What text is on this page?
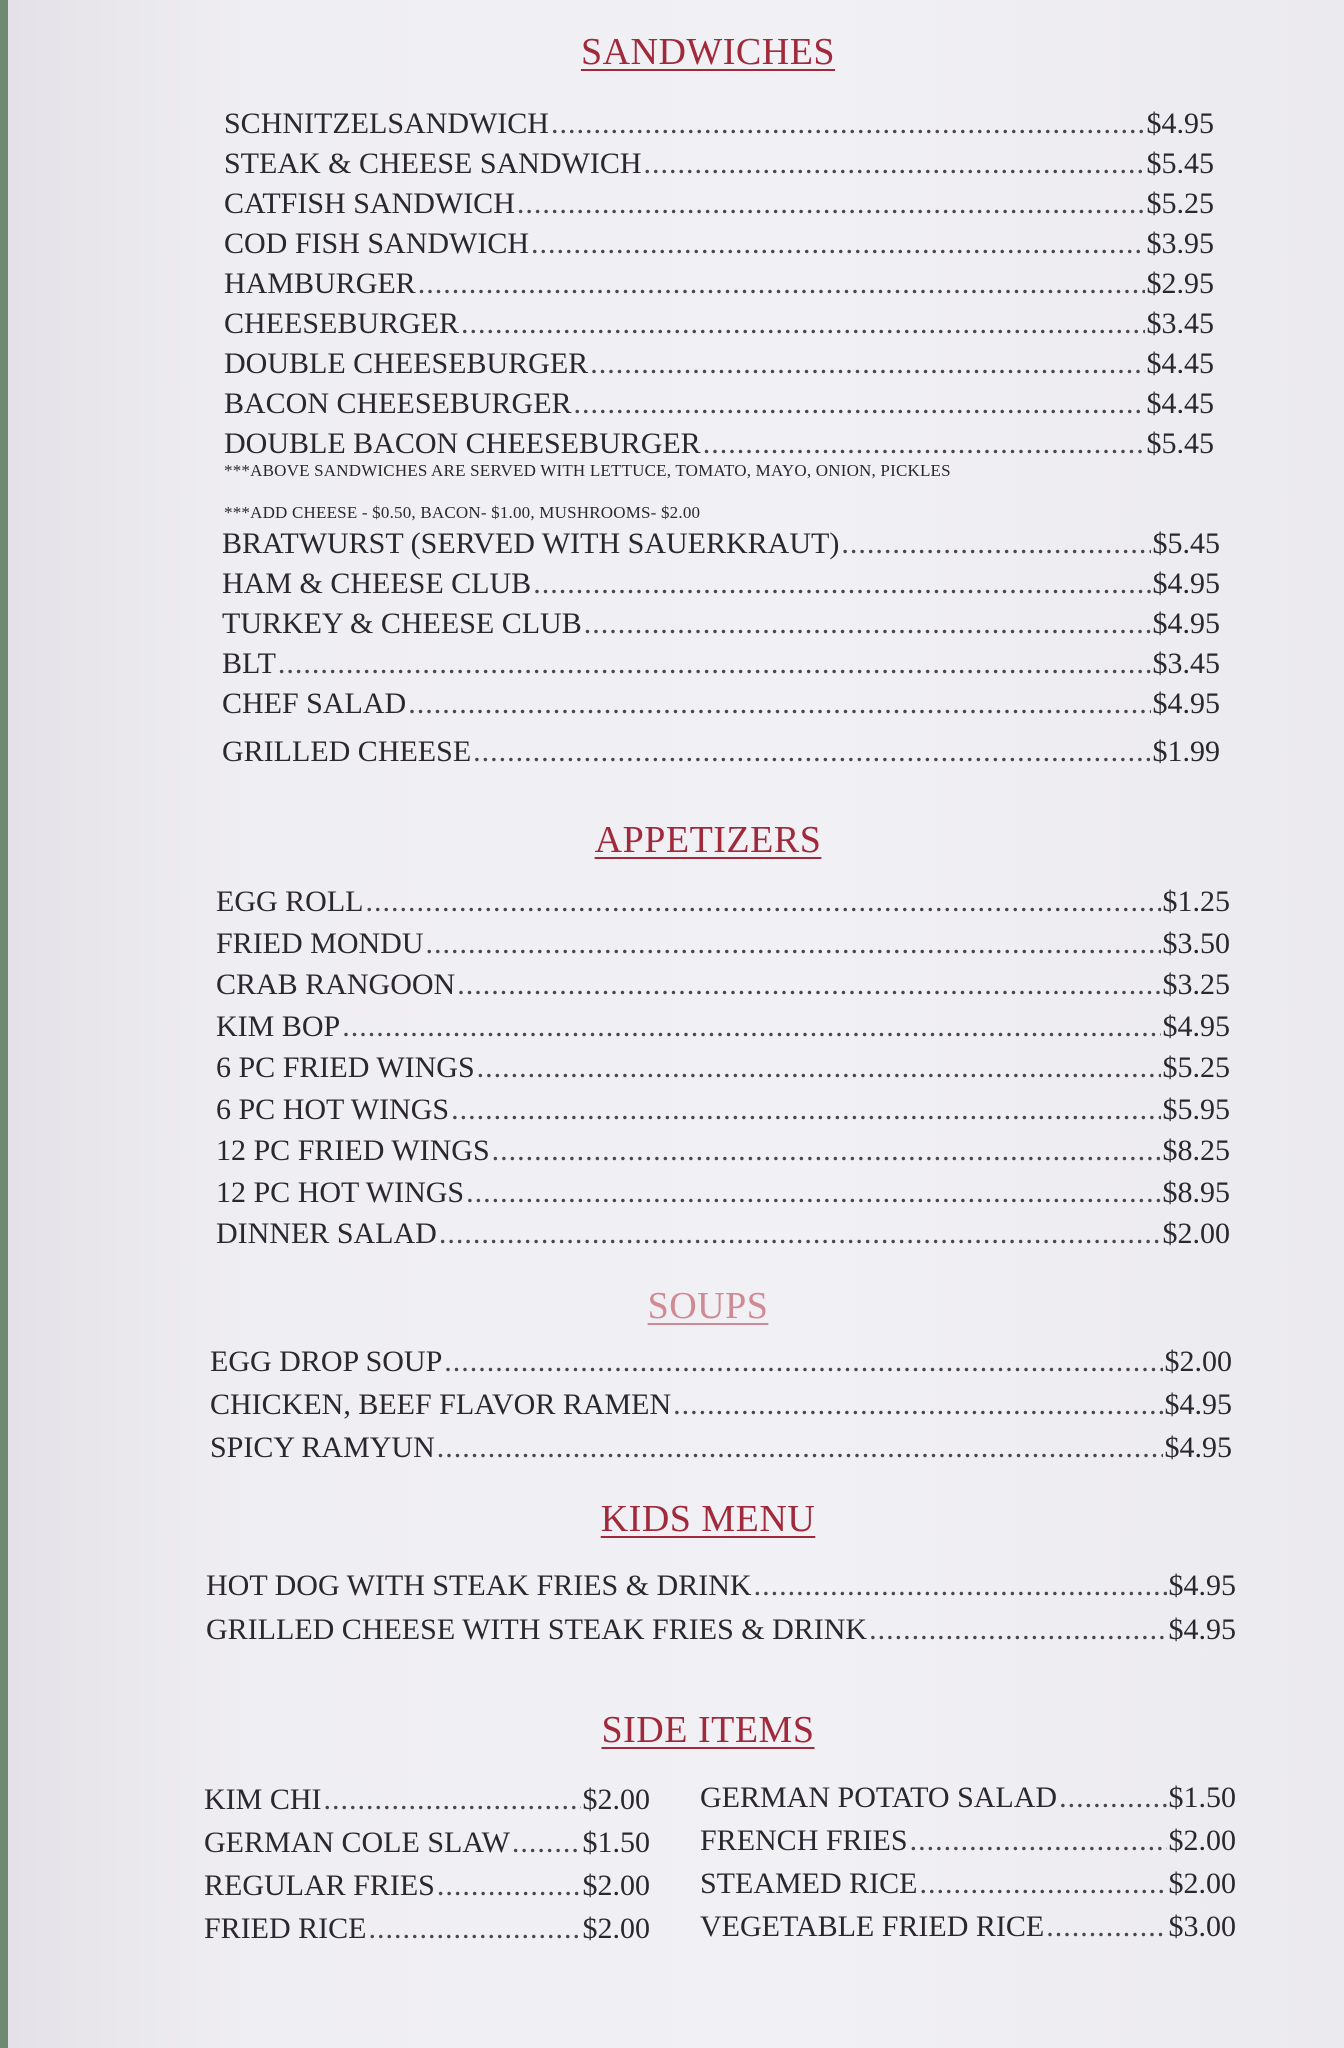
SANDWICHES
SCHNITZELSANDWICH .....	$4.95
STEAK & CHEESE SANDWICH .....	$5.45
CATFISH SANDWICH .....	$5.25
COD FISH SANDWICH .....	$3.95
HAMBURGER .....	$2.95
CHEESEBURGER .....	$3.45
DOUBLE CHEESEBURGER .....	$4.45
BACON CHEESEBURGER .....	$4.45
DOUBLE BACON CHEESEBURGER .....	$5.45
***ABOVE SANDWICHES ARE SERVED WITH LETTUCE, TOMATO, MAYO, ONION, PICKLES
***ADD CHEESE - $0.50, BACON- $1.00, MUSHROOMS- $2.00
BRATWURST (SERVED WITH SAUERKRAUT) .....	$5.45
HAM & CHEESE CLUB .....	$4.95
TURKEY & CHEESE CLUB .....	$4.95
BLT .....	$3.45
CHEF SALAD .....	$4.95
GRILLED CHEESE .....	$1.99
APPETIZERS
EGG ROLL .....	$1.25
FRIED MONDU .....	$3.50
CRAB RANGOON .....	$3.25
KIM BOP .....	$4.95
6 PC FRIED WINGS .....	$5.25
6 PC HOT WINGS .....	$5.95
12 PC FRIED WINGS .....	$8.25
12 PC HOT WINGS .....	$8.95
DINNER SALAD .....	$2.00
SOUPS
EGG DROP SOUP .....	$2.00
CHICKEN, BEEF FLAVOR RAMEN .....	$4.95
SPICY RAMYUN .....	$4.95
KIDS MENU
HOT DOG WITH STEAK FRIES & DRINK .....	$4.95
GRILLED CHEESE WITH STEAK FRIES & DRINK .....	$4.95
SIDE ITEMS
KIM CHI .....	$2.00
GERMAN COLE SLAW ..... $1.50
REGULAR FRIES .....	$2.00
FRIED RICE .....	$2.00
GERMAN POTATO SALAD .....	$1.50
FRENCH FRIES .....	$2.00
STEAMED RICE .....	$2.00
VEGETABLE FRIED RICE .....	$3.00
